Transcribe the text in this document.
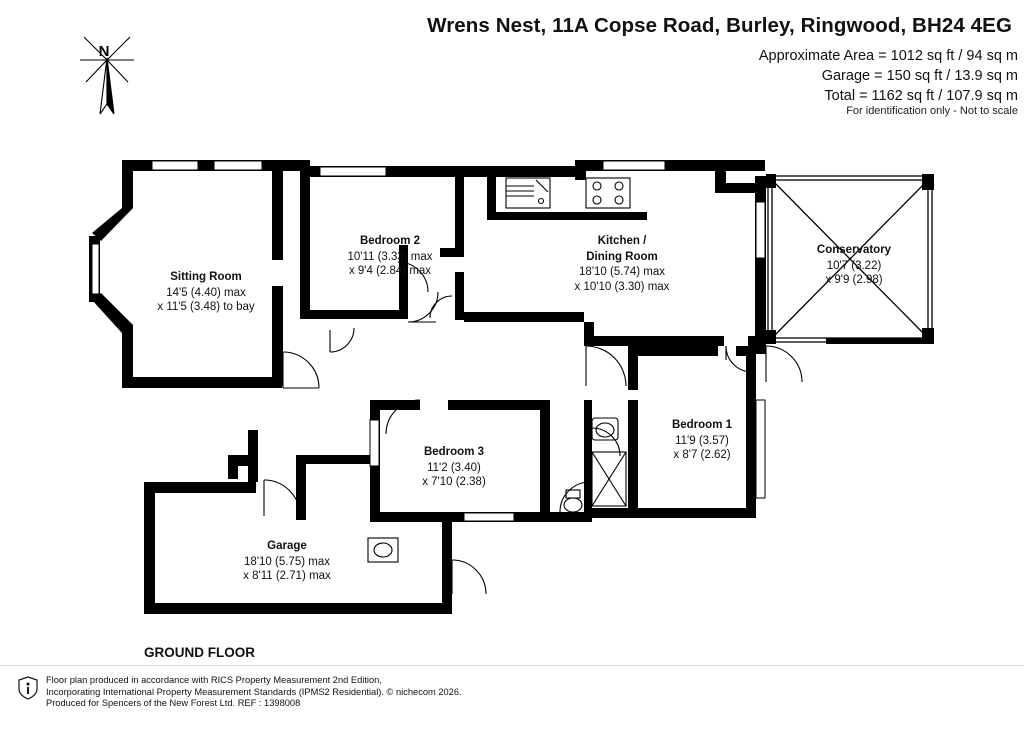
Wrens Nest, 11A Copse Road, Burley, Ringwood, BH24 4EG
Approximate Area = 1012 sq ft / 94 sq m
Garage = 150 sq ft / 13.9 sq m
Total = 1162 sq ft / 107.9 sq m
For identification only - Not to scale
N
Sitting Room
14'5 (4.40) max
x 11'5 (3.48) to bay
Bedroom 2
10'11 (3.33) max
x 9'4 (2.84) max
Kitchen /
Dining Room
18'10 (5.74) max
x 10'10 (3.30) max
Conservatory
10'7 (3.22)
x 9'9 (2.98)
Bedroom 1
11'9 (3.57)
x 8'7 (2.62)
Bedroom 3
11'2 (3.40)
x 7'10 (2.38)
Garage
18'10 (5.75) max
x 8'11 (2.71) max
GROUND FLOOR
Floor plan produced in accordance with RICS Property Measurement 2nd Edition,
Incorporating International Property Measurement Standards (IPMS2 Residential). © nichecom 2026.
Produced for Spencers of the New Forest Ltd. REF : 1398008
